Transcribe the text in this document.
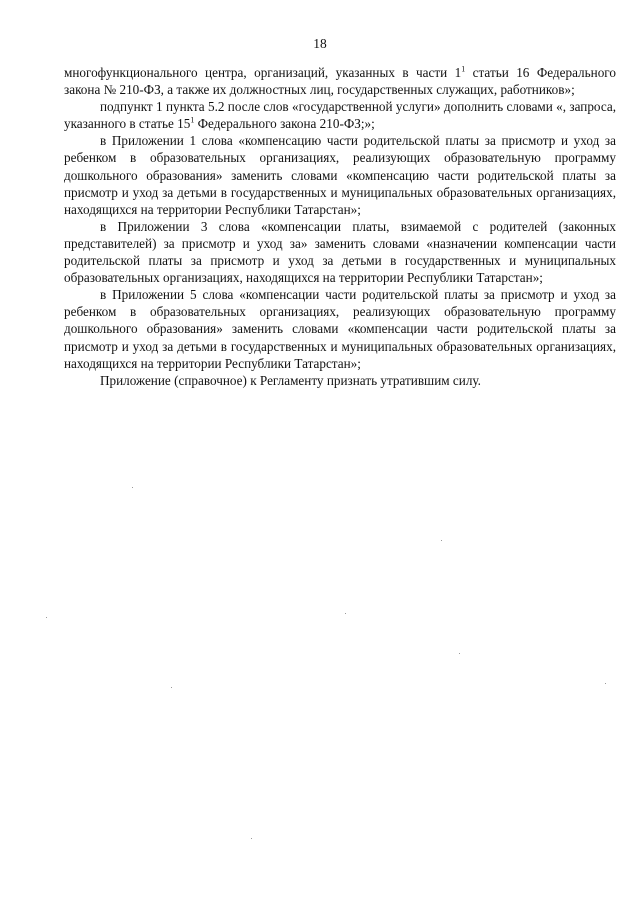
18

многофункционального центра, организаций, указанных в части $1^1$ статьи 16 Федерального закона № 210-ФЗ, а также их должностных лиц, государственных служащих, работников»;

подпункт 1 пункта 5.2 после слов «государственной услуги» дополнить словами «, запроса, указанного в статье $15^1$ Федерального закона 210-ФЗ;»;

в Приложении 1 слова «компенсацию части родительской платы за присмотр и уход за ребенком в образовательных организациях, реализующих образовательную программу дошкольного образования» заменить словами «компенсацию части родительской платы за присмотр и уход за детьми в государственных и муниципальных образовательных организациях, находящихся на территории Республики Татарстан»;

в Приложении 3 слова «компенсации платы, взимаемой с родителей (законных представителей) за присмотр и уход за» заменить словами «назначении компенсации части родительской платы за присмотр и уход за детьми в государственных и муниципальных образовательных организациях, находящихся на территории Республики Татарстан»;

в Приложении 5 слова «компенсации части родительской платы за присмотр и уход за ребенком в образовательных организациях, реализующих образовательную программу дошкольного образования» заменить словами «компенсации части родительской платы за присмотр и уход за детьми в государственных и муниципальных образовательных организациях, находящихся на территории Республики Татарстан»;

Приложение (справочное) к Регламенту признать утратившим силу.
